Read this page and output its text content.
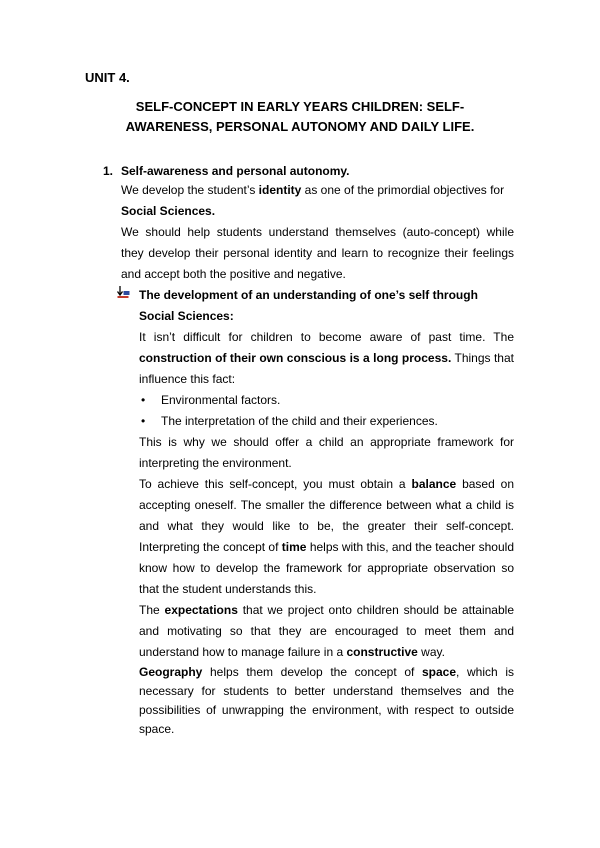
UNIT 4.
SELF-CONCEPT IN EARLY YEARS CHILDREN: SELF-
AWARENESS, PERSONAL AUTONOMY AND DAILY LIFE.
1. Self-awareness and personal autonomy.

We develop the student’s identity as one of the primordial objectives for
Social Sciences.

We should help students understand themselves (auto-concept) while they develop their personal identity and learn to recognize their feelings and accept both the positive and negative.

The development of an understanding of one’s self through Social Sciences:

It isn’t difficult for children to become aware of past time. The construction of their own conscious is a long process. Things that influence this fact:

•	Environmental factors.
•	The interpretation of the child and their experiences.

This is why we should offer a child an appropriate framework for interpreting the environment.

To achieve this self-concept, you must obtain a balance based on accepting oneself. The smaller the difference between what a child is and what they would like to be, the greater their self-concept. Interpreting the concept of time helps with this, and the teacher should know how to develop the framework for appropriate observation so that the student understands this.

The expectations that we project onto children should be attainable and motivating so that they are encouraged to meet them and understand how to manage failure in a constructive way.

Geography helps them develop the concept of space, which is necessary for students to better understand themselves and the possibilities of unwrapping the environment, with respect to outside space.
